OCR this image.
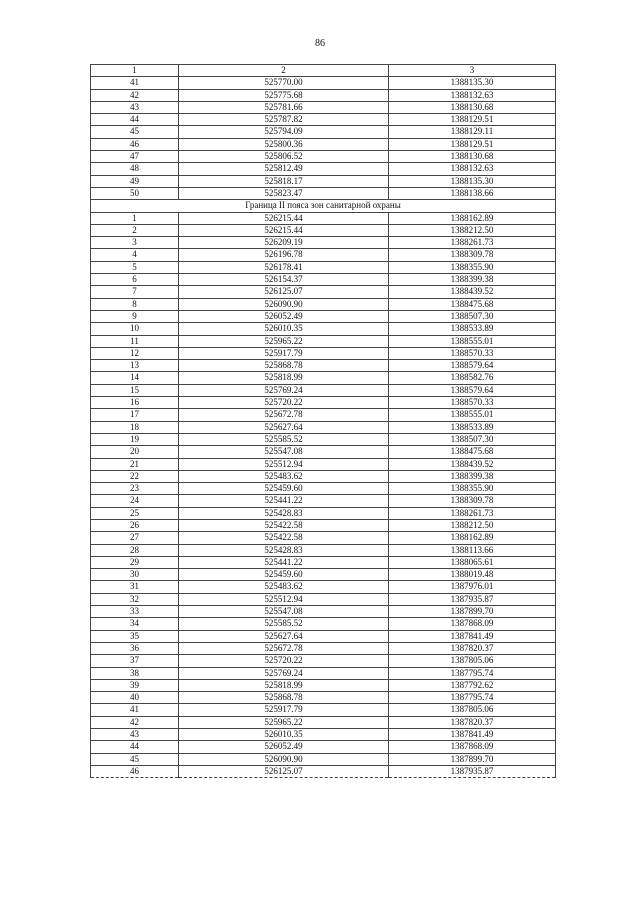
86
1	2	3
41	525770.00	1388135.30
42	525775.68	1388132.63
43	525781.66	1388130.68
44	525787.82	1388129.51
45	525794.09	1388129.11
46	525800.36	1388129.51
47	525806.52	1388130.68
48	525812.49	1388132.63
49	525818.17	1388135.30
50	525823.47	1388138.66
Граница II пояса зон санитарной охраны		
1	526215.44	1388162.89
2	526215.44	1388212.50
3	526209.19	1388261.73
4	526196.78	1388309.78
5	526178.41	1388355.90
6	526154.37	1388399.38
7	526125.07	1388439.52
8	526090.90	1388475.68
9	526052.49	1388507.30
10	526010.35	1388533.89
11	525965.22	1388555.01
12	525917.79	1388570.33
13	525868.78	1388579.64
14	525818.99	1388582.76
15	525769.24	1388579.64
16	525720.22	1388570.33
17	525672.78	1388555.01
18	525627.64	1388533.89
19	525585.52	1388507.30
20	525547.08	1388475.68
21	525512.94	1388439.52
22	525483.62	1388399.38
23	525459.60	1388355.90
24	525441.22	1388309.78
25	525428.83	1388261.73
26	525422.58	1388212.50
27	525422.58	1388162.89
28	525428.83	1388113.66
29	525441.22	1388065.61
30	525459.60	1388019.48
31	525483.62	1387976.01
32	525512.94	1387935.87
33	525547.08	1387899.70
34	525585.52	1387868.09
35	525627.64	1387841.49
36	525672.78	1387820.37
37	525720.22	1387805.06
38	525769.24	1387795.74
39	525818.99	1387792.62
40	525868.78	1387795.74
41	525917.79	1387805.06
42	525965.22	1387820.37
43	526010.35	1387841.49
44	526052.49	1387868.09
45	526090.90	1387899.70
46	526125.07	1387935.87
